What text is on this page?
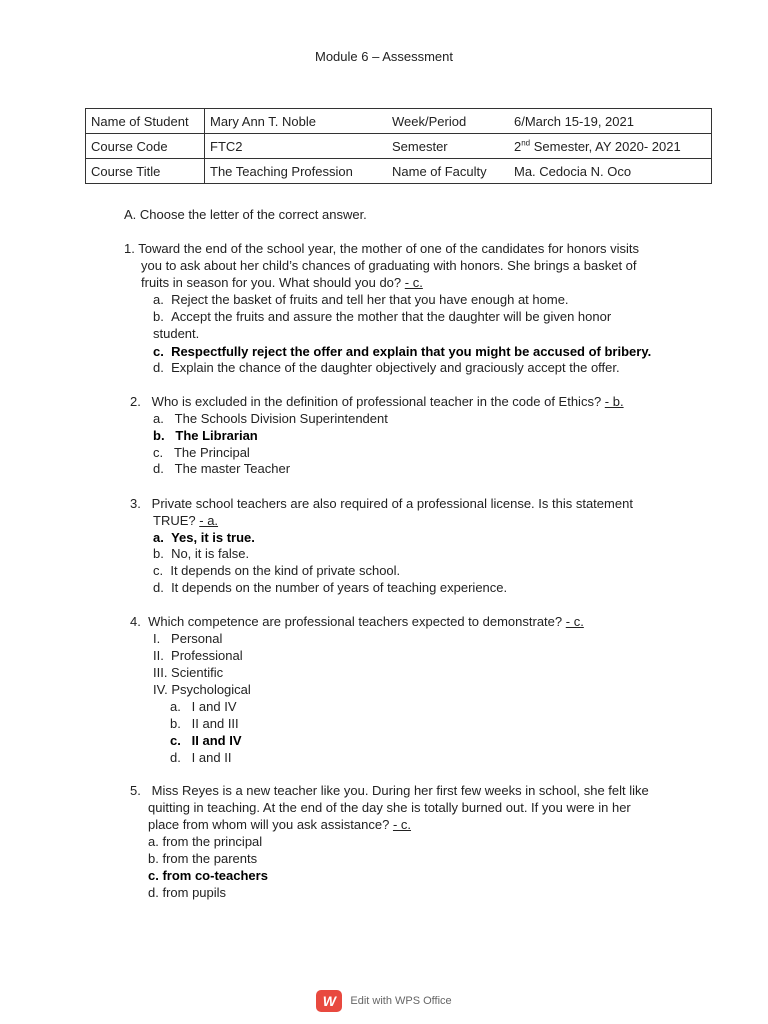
Module 6 – Assessment
Name of Student	Mary Ann T. Noble	Week/Period	6/March 15-19, 2021
Course Code	FTC2	Semester	2nd Semester, AY 2020- 2021
Course Title	The Teaching Profession	Name of Faculty	Ma. Cedocia N. Oco
A. Choose the letter of the correct answer.
1. Toward the end of the school year, the mother of one of the candidates for honors visits
you to ask about her child’s chances of graduating with honors. She brings a basket of
fruits in season for you. What should you do? - c.
a.  Reject the basket of fruits and tell her that you have enough at home.
b.  Accept the fruits and assure the mother that the daughter will be given honor
student.
c.  Respectfully reject the offer and explain that you might be accused of bribery.
d.  Explain the chance of the daughter objectively and graciously accept the offer.
2.   Who is excluded in the definition of professional teacher in the code of Ethics? - b.
a.   The Schools Division Superintendent
b.   The Librarian
c.   The Principal
d.   The master Teacher
3.   Private school teachers are also required of a professional license. Is this statement
TRUE? - a.
a.  Yes, it is true.
b.  No, it is false.
c.  It depends on the kind of private school.
d.  It depends on the number of years of teaching experience.
4.  Which competence are professional teachers expected to demonstrate? - c.
I.   Personal
II.  Professional
III. Scientific
IV. Psychological
a.   I and IV
b.   II and III
c.   II and IV
d.   I and II
5.   Miss Reyes is a new teacher like you. During her first few weeks in school, she felt like
quitting in teaching. At the end of the day she is totally burned out. If you were in her
place from whom will you ask assistance? - c.
a. from the principal
b. from the parents
c. from co-teachers
d. from pupils
W	Edit with WPS Office
